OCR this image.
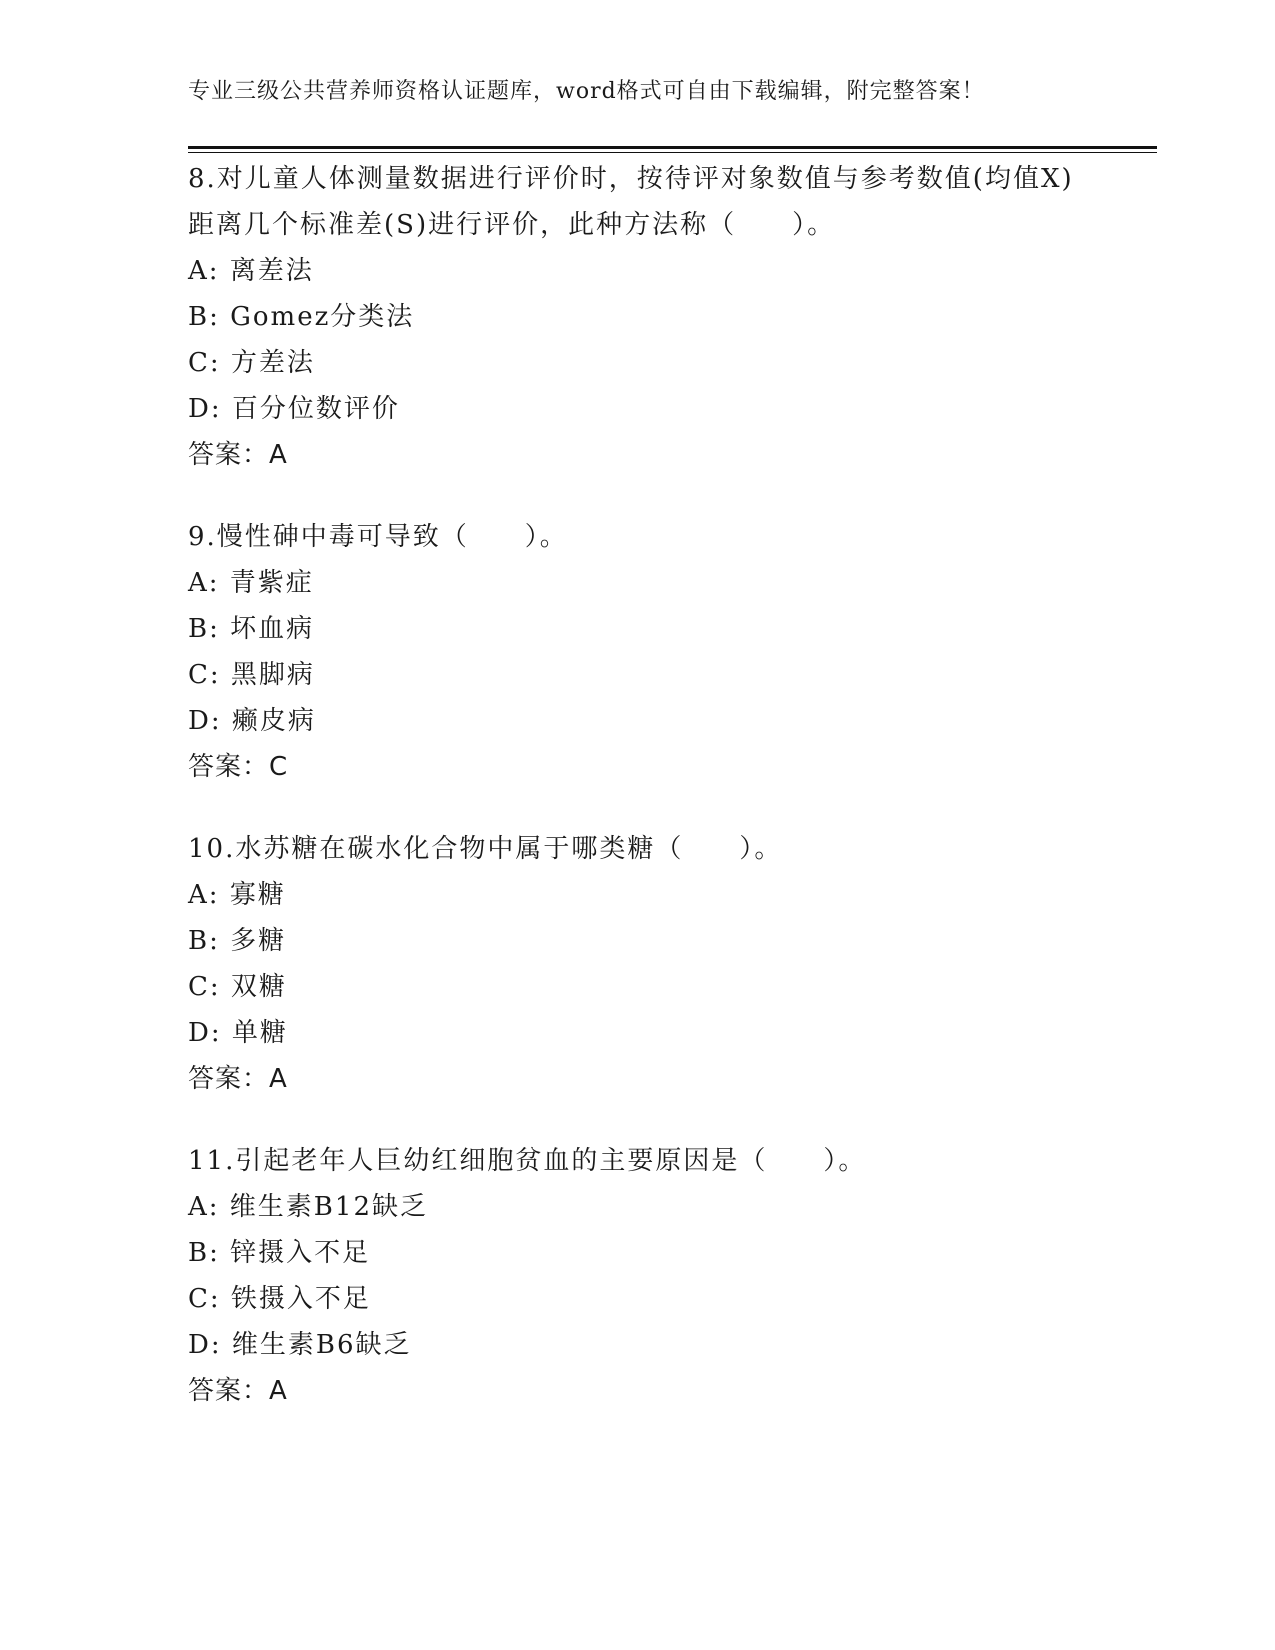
专业三级公共营养师资格认证题库，word格式可自由下载编辑，附完整答案！
8.对儿童人体测量数据进行评价时，按待评对象数值与参考数值(均值X)距离几个标准差(S)进行评价，此种方法称（　　）。
A: 离差法
B: Gomez分类法
C: 方差法
D: 百分位数评价
答案：A
9.慢性砷中毒可导致（　　）。
A: 青紫症
B: 坏血病
C: 黑脚病
D: 癞皮病
答案：C
10.水苏糖在碳水化合物中属于哪类糖（　　）。
A: 寡糖
B: 多糖
C: 双糖
D: 单糖
答案：A
11.引起老年人巨幼红细胞贫血的主要原因是（　　）。
A: 维生素B12缺乏
B: 锌摄入不足
C: 铁摄入不足
D: 维生素B6缺乏
答案：A
